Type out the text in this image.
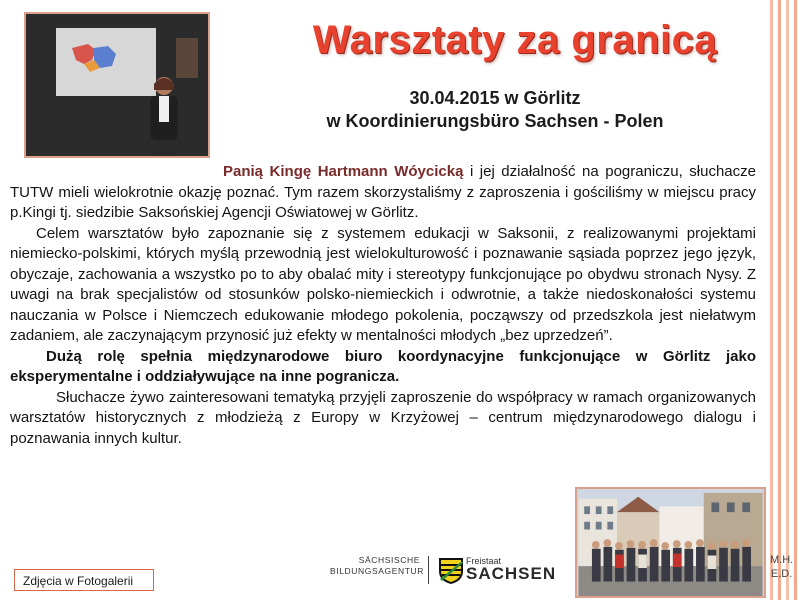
Warsztaty za granicą
30.04.2015 w Görlitz
w Koordinierungsbüro Sachsen - Polen

Panią Kingę Hartmann Wóycicką i jej działalność na pograniczu, słuchacze TUTW mieli wielokrotnie okazję poznać. Tym razem skorzystaliśmy z zaproszenia i gościliśmy w miejscu pracy p.Kingi tj. siedzibie Saksońskiej Agencji Oświatowej w Görlitz.

Celem warsztatów było zapoznanie się z systemem edukacji w Saksonii, z realizowanymi projektami niemiecko-polskimi, których myślą przewodnią jest wielokulturowość i poznawanie sąsiada poprzez jego język, obyczaje, zachowania a wszystko po to aby obalać mity i stereotypy funkcjonujące po obydwu stronach Nysy. Z uwagi na brak specjalistów od stosunków polsko-niemieckich i odwrotnie, a także niedoskonałości systemu nauczania w Polsce i Niemczech edukowanie młodego pokolenia, począwszy od przedszkola jest niełatwym zadaniem, ale zaczynającym przynosić już efekty w mentalności młodych „bez uprzedzeń”.

Dużą rolę spełnia międzynarodowe biuro koordynacyjne funkcjonujące w Görlitz jako eksperymentalne i oddziaływujące na inne pogranicza.

Słuchacze żywo zainteresowani tematyką przyjęli zaproszenie do współpracy w ramach organizowanych warsztatów historycznych z młodzieżą z Europy w Krzyżowej – centrum międzynarodowego dialogu i poznawania innych kultur.

Zdjęcia w Fotogalerii
SÄCHSISCHE
BILDUNGSAGENTUR
Freistaat
SACHSEN
M.H.
E.D.
